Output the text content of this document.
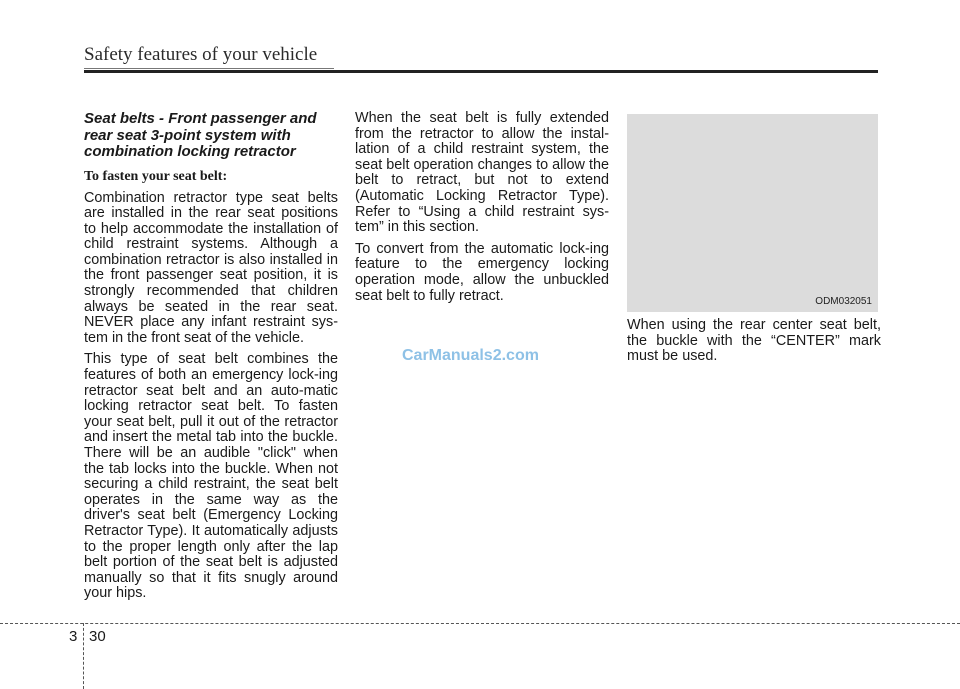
Safety features of your vehicle
Seat belts - Front passenger and rear seat 3-point system with combination locking retractor
To fasten your seat belt:

Combination retractor type seat belts are installed in the rear seat positions to help accommodate the installation of child restraint systems. Although a combination retractor is also installed in the front passenger seat position, it is strongly recommended that children always be seated in the rear seat. NEVER place any infant restraint sys-tem in the front seat of the vehicle.

This type of seat belt combines the features of both an emergency lock-ing retractor seat belt and an auto-matic locking retractor seat belt. To fasten your seat belt, pull it out of the retractor and insert the metal tab into the buckle. There will be an audible "click" when the tab locks into the buckle. When not securing a child restraint, the seat belt operates in the same way as the driver's seat belt (Emergency Locking Retractor Type). It automatically adjusts to the proper length only after the lap belt portion of the seat belt is adjusted manually so that it fits snugly around your hips.

When the seat belt is fully extended from the retractor to allow the instal-lation of a child restraint system, the seat belt operation changes to allow the belt to retract, but not to extend (Automatic Locking Retractor Type). Refer to “Using a child restraint sys-tem” in this section.

To convert from the automatic lock-ing feature to the emergency locking operation mode, allow the unbuckled seat belt to fully retract.	ODM032051

When using the rear center seat belt, the buckle with the “CENTER” mark must be used.

CarManuals2.com
3 30
